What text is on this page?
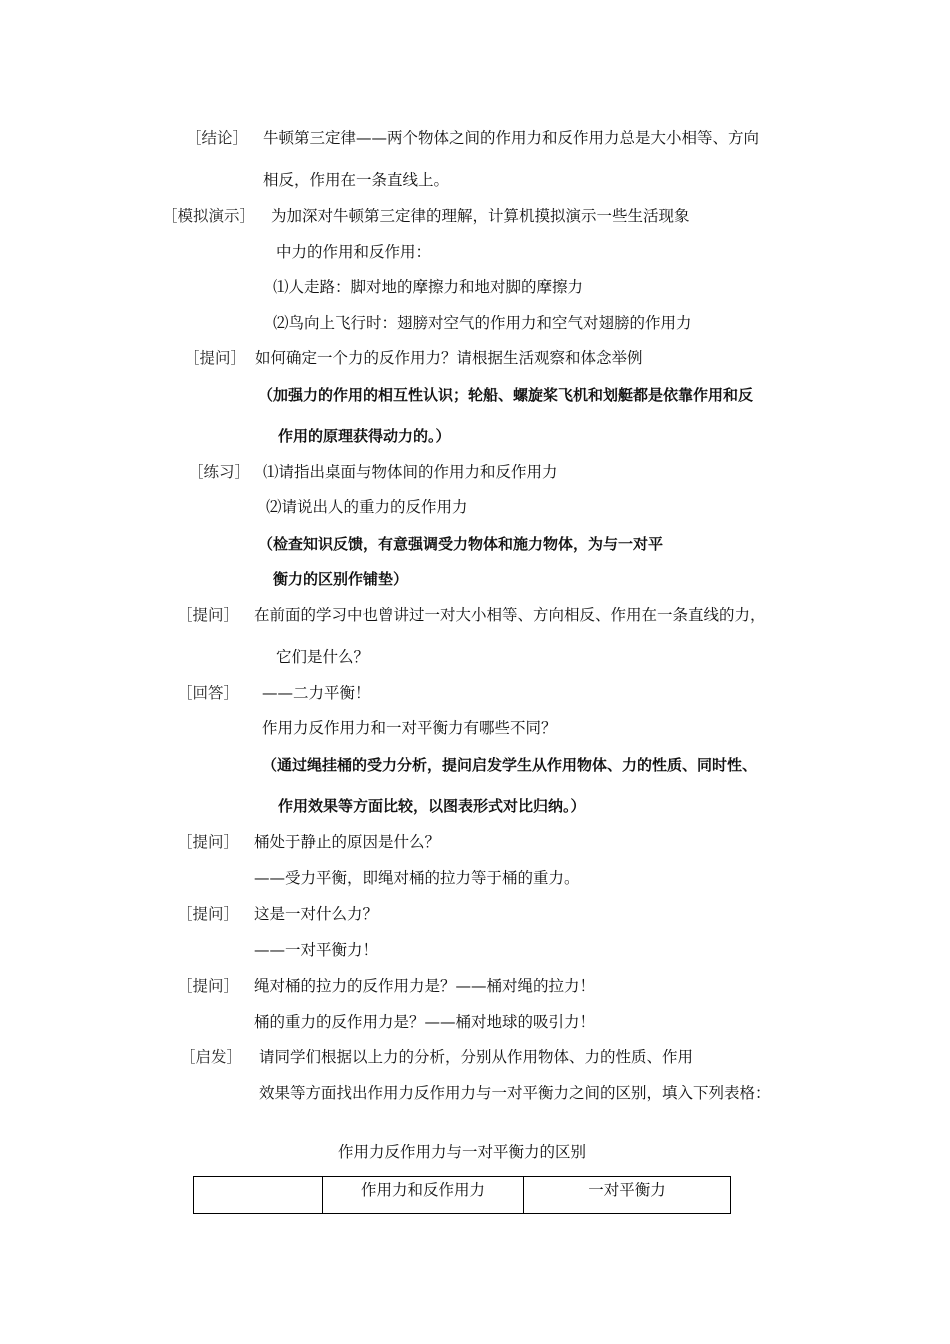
［结论］ 牛顿第三定律——两个物体之间的作用力和反作用力总是大小相等、方向
相反，作用在一条直线上。
［模拟演示］ 为加深对牛顿第三定律的理解，计算机摸拟演示一些生活现象
中力的作用和反作用：
⑴人走路：脚对地的摩擦力和地对脚的摩擦力
⑵鸟向上飞行时：翅膀对空气的作用力和空气对翅膀的作用力
［提问］ 如何确定一个力的反作用力？请根据生活观察和体念举例
（加强力的作用的相互性认识；轮船、螺旋桨飞机和划艇都是依靠作用和反
作用的原理获得动力的。）
［练习］ ⑴请指出桌面与物体间的作用力和反作用力
⑵请说出人的重力的反作用力
（检查知识反馈，有意强调受力物体和施力物体，为与一对平
衡力的区别作铺垫）
［提问］ 在前面的学习中也曾讲过一对大小相等、方向相反、作用在一条直线的力，
它们是什么？
［回答］ ——二力平衡！
作用力反作用力和一对平衡力有哪些不同？
（通过绳挂桶的受力分析，提问启发学生从作用物体、力的性质、同时性、
作用效果等方面比较，以图表形式对比归纳。）
［提问］ 桶处于静止的原因是什么？
——受力平衡，即绳对桶的拉力等于桶的重力。
［提问］ 这是一对什么力？
——一对平衡力！
［提问］ 绳对桶的拉力的反作用力是？——桶对绳的拉力！
桶的重力的反作用力是？——桶对地球的吸引力！
［启发］ 请同学们根据以上力的分析，分别从作用物体、力的性质、作用
效果等方面找出作用力反作用力与一对平衡力之间的区别，填入下列表格：
作用力反作用力与一对平衡力的区别
	作用力和反作用力	一对平衡力
